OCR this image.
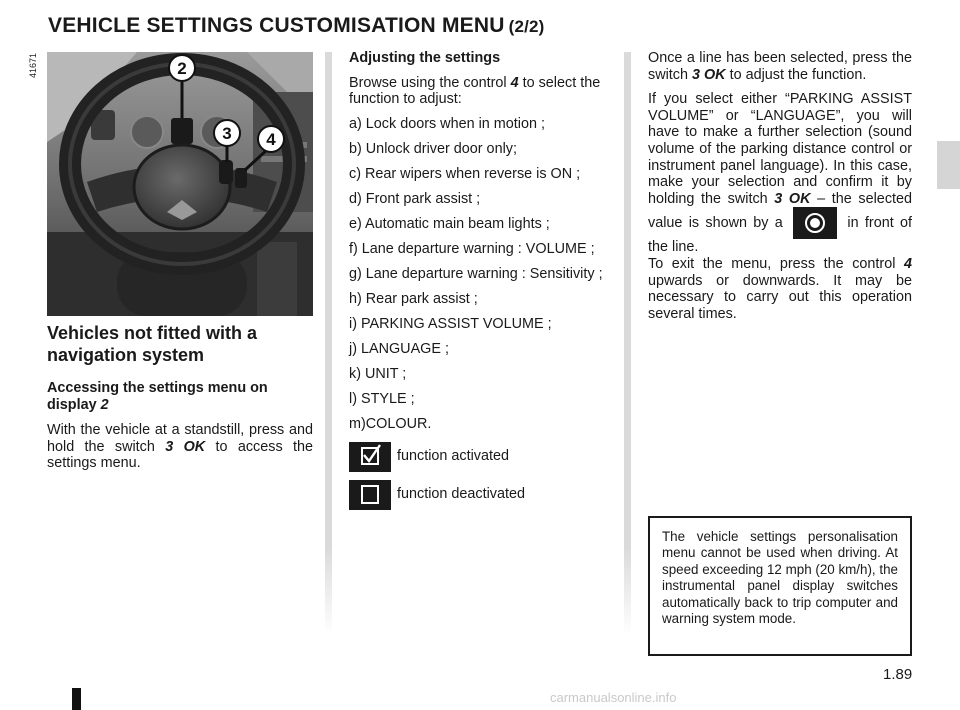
VEHICLE SETTINGS CUSTOMISATION MENU (2/2)
41671	2
3 4
Vehicles not fitted with a navigation system

Accessing the settings menu on display 2

With the vehicle at a standstill, press and hold the switch 3 OK to access the settings menu.

Adjusting the settings

Browse using the control 4 to select the function to adjust:

a) Lock doors when in motion ;
b) Unlock driver door only;
c) Rear wipers when reverse is ON ;
d) Front park assist ;
e) Automatic main beam lights ;
f) Lane departure warning : VOLUME ;
g) Lane departure warning : Sensitivity ;
h) Rear park assist ;
i) PARKING ASSIST VOLUME ;
j) LANGUAGE ;
k) UNIT ;
l) STYLE ;
m)COLOUR.
function activated
function deactivated

Once a line has been selected, press the switch 3 OK to adjust the function.

If you select either “PARKING ASSIST VOLUME” or “LANGUAGE”, you will have to make a further selection (sound volume of the parking distance control or instrument panel language). In this case, make your selection and confirm it by holding the switch 3 OK – the selected value is shown by a	in front of the line.
To exit the menu, press the control 4 upwards or downwards. It may be necessary to carry out this operation several times.

The vehicle settings personalisation menu cannot be used when driving. At speed exceeding 12 mph (20 km/h), the instrumental panel display switches automatically back to trip computer and warning system mode.
1.89
carmanualsonline.info
